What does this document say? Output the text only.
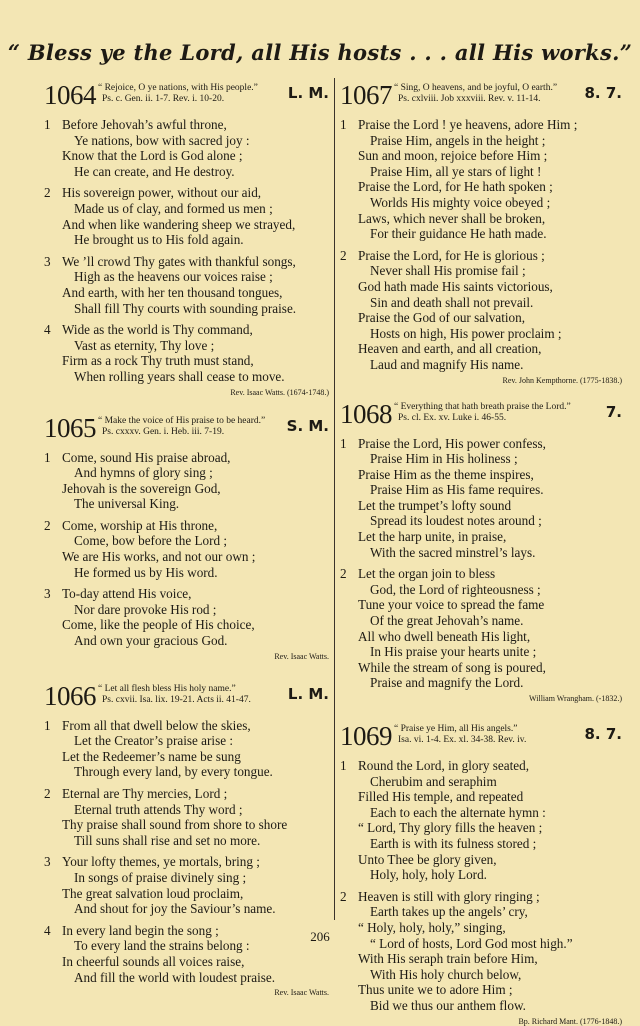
“ Bless ye the Lord, all His hosts . . . all His works.”
1064 “ Rejoice, O ye nations, with His people.”
Ps. c. Gen. ii. 1-7. Rev. i. 10-20.	L. M.
1 Before Jehovah’s awful throne,
Ye nations, bow with sacred joy :
Know that the Lord is God alone ;
He can create, and He destroy.
2 His sovereign power, without our aid,
Made us of clay, and formed us men ;
And when like wandering sheep we strayed,
He brought us to His fold again.
3 We ’ll crowd Thy gates with thankful songs,
High as the heavens our voices raise ;
And earth, with her ten thousand tongues,
Shall fill Thy courts with sounding praise.
4 Wide as the world is Thy command,
Vast as eternity, Thy love ;
Firm as a rock Thy truth must stand,
When rolling years shall cease to move.
Rev. Isaac Watts. (1674-1748.)
1065 “ Make the voice of His praise to be heard.”
Ps. cxxxv. Gen. i. Heb. iii. 7-19.	S. M.
1 Come, sound His praise abroad,
And hymns of glory sing ;
Jehovah is the sovereign God,
The universal King.
2 Come, worship at His throne,
Come, bow before the Lord ;
We are His works, and not our own ;
He formed us by His word.
3 To-day attend His voice,
Nor dare provoke His rod ;
Come, like the people of His choice,
And own your gracious God.
Rev. Isaac Watts.
1066 “ Let all flesh bless His holy name.”
Ps. cxvii. Isa. lix. 19-21. Acts ii. 41-47.	L. M.
1 From all that dwell below the skies,
Let the Creator’s praise arise :
Let the Redeemer’s name be sung
Through every land, by every tongue.
2 Eternal are Thy mercies, Lord ;
Eternal truth attends Thy word ;
Thy praise shall sound from shore to shore
Till suns shall rise and set no more.
3 Your lofty themes, ye mortals, bring ;
In songs of praise divinely sing ;
The great salvation loud proclaim,
And shout for joy the Saviour’s name.
4 In every land begin the song ;
To every land the strains belong :
In cheerful sounds all voices raise,
And fill the world with loudest praise.
Rev. Isaac Watts.
1067 “ Sing, O heavens, and be joyful, O earth.”
Ps. cxlviii. Job xxxviii. Rev. v. 11-14.	8. 7.
1 Praise the Lord ! ye heavens, adore Him ;
Praise Him, angels in the height ;
Sun and moon, rejoice before Him ;
Praise Him, all ye stars of light !
Praise the Lord, for He hath spoken ;
Worlds His mighty voice obeyed ;
Laws, which never shall be broken,
For their guidance He hath made.
2 Praise the Lord, for He is glorious ;
Never shall His promise fail ;
God hath made His saints victorious,
Sin and death shall not prevail.
Praise the God of our salvation,
Hosts on high, His power proclaim ;
Heaven and earth, and all creation,
Laud and magnify His name.
Rev. John Kempthorne. (1775-1838.)
1068 “ Everything that hath breath praise the Lord.”
Ps. cl. Ex. xv. Luke i. 46-55.	7.
1 Praise the Lord, His power confess,
Praise Him in His holiness ;
Praise Him as the theme inspires,
Praise Him as His fame requires.
Let the trumpet’s lofty sound
Spread its loudest notes around ;
Let the harp unite, in praise,
With the sacred minstrel’s lays.
2 Let the organ join to bless
God, the Lord of righteousness ;
Tune your voice to spread the fame
Of the great Jehovah’s name.
All who dwell beneath His light,
In His praise your hearts unite ;
While the stream of song is poured,
Praise and magnify the Lord.
William Wrangham. (-1832.)
1069 “ Praise ye Him, all His angels.”
Isa. vi. 1-4. Ex. xl. 34-38. Rev. iv.	8. 7.
1 Round the Lord, in glory seated,
Cherubim and seraphim
Filled His temple, and repeated
Each to each the alternate hymn :
“ Lord, Thy glory fills the heaven ;
Earth is with its fulness stored ;
Unto Thee be glory given,
Holy, holy, holy Lord.
2 Heaven is still with glory ringing ;
Earth takes up the angels’ cry,
“ Holy, holy, holy,” singing,
“ Lord of hosts, Lord God most high.”
With His seraph train before Him,
With His holy church below,
Thus unite we to adore Him ;
Bid we thus our anthem flow.
Bp. Richard Mant. (1776-1848.)
206
